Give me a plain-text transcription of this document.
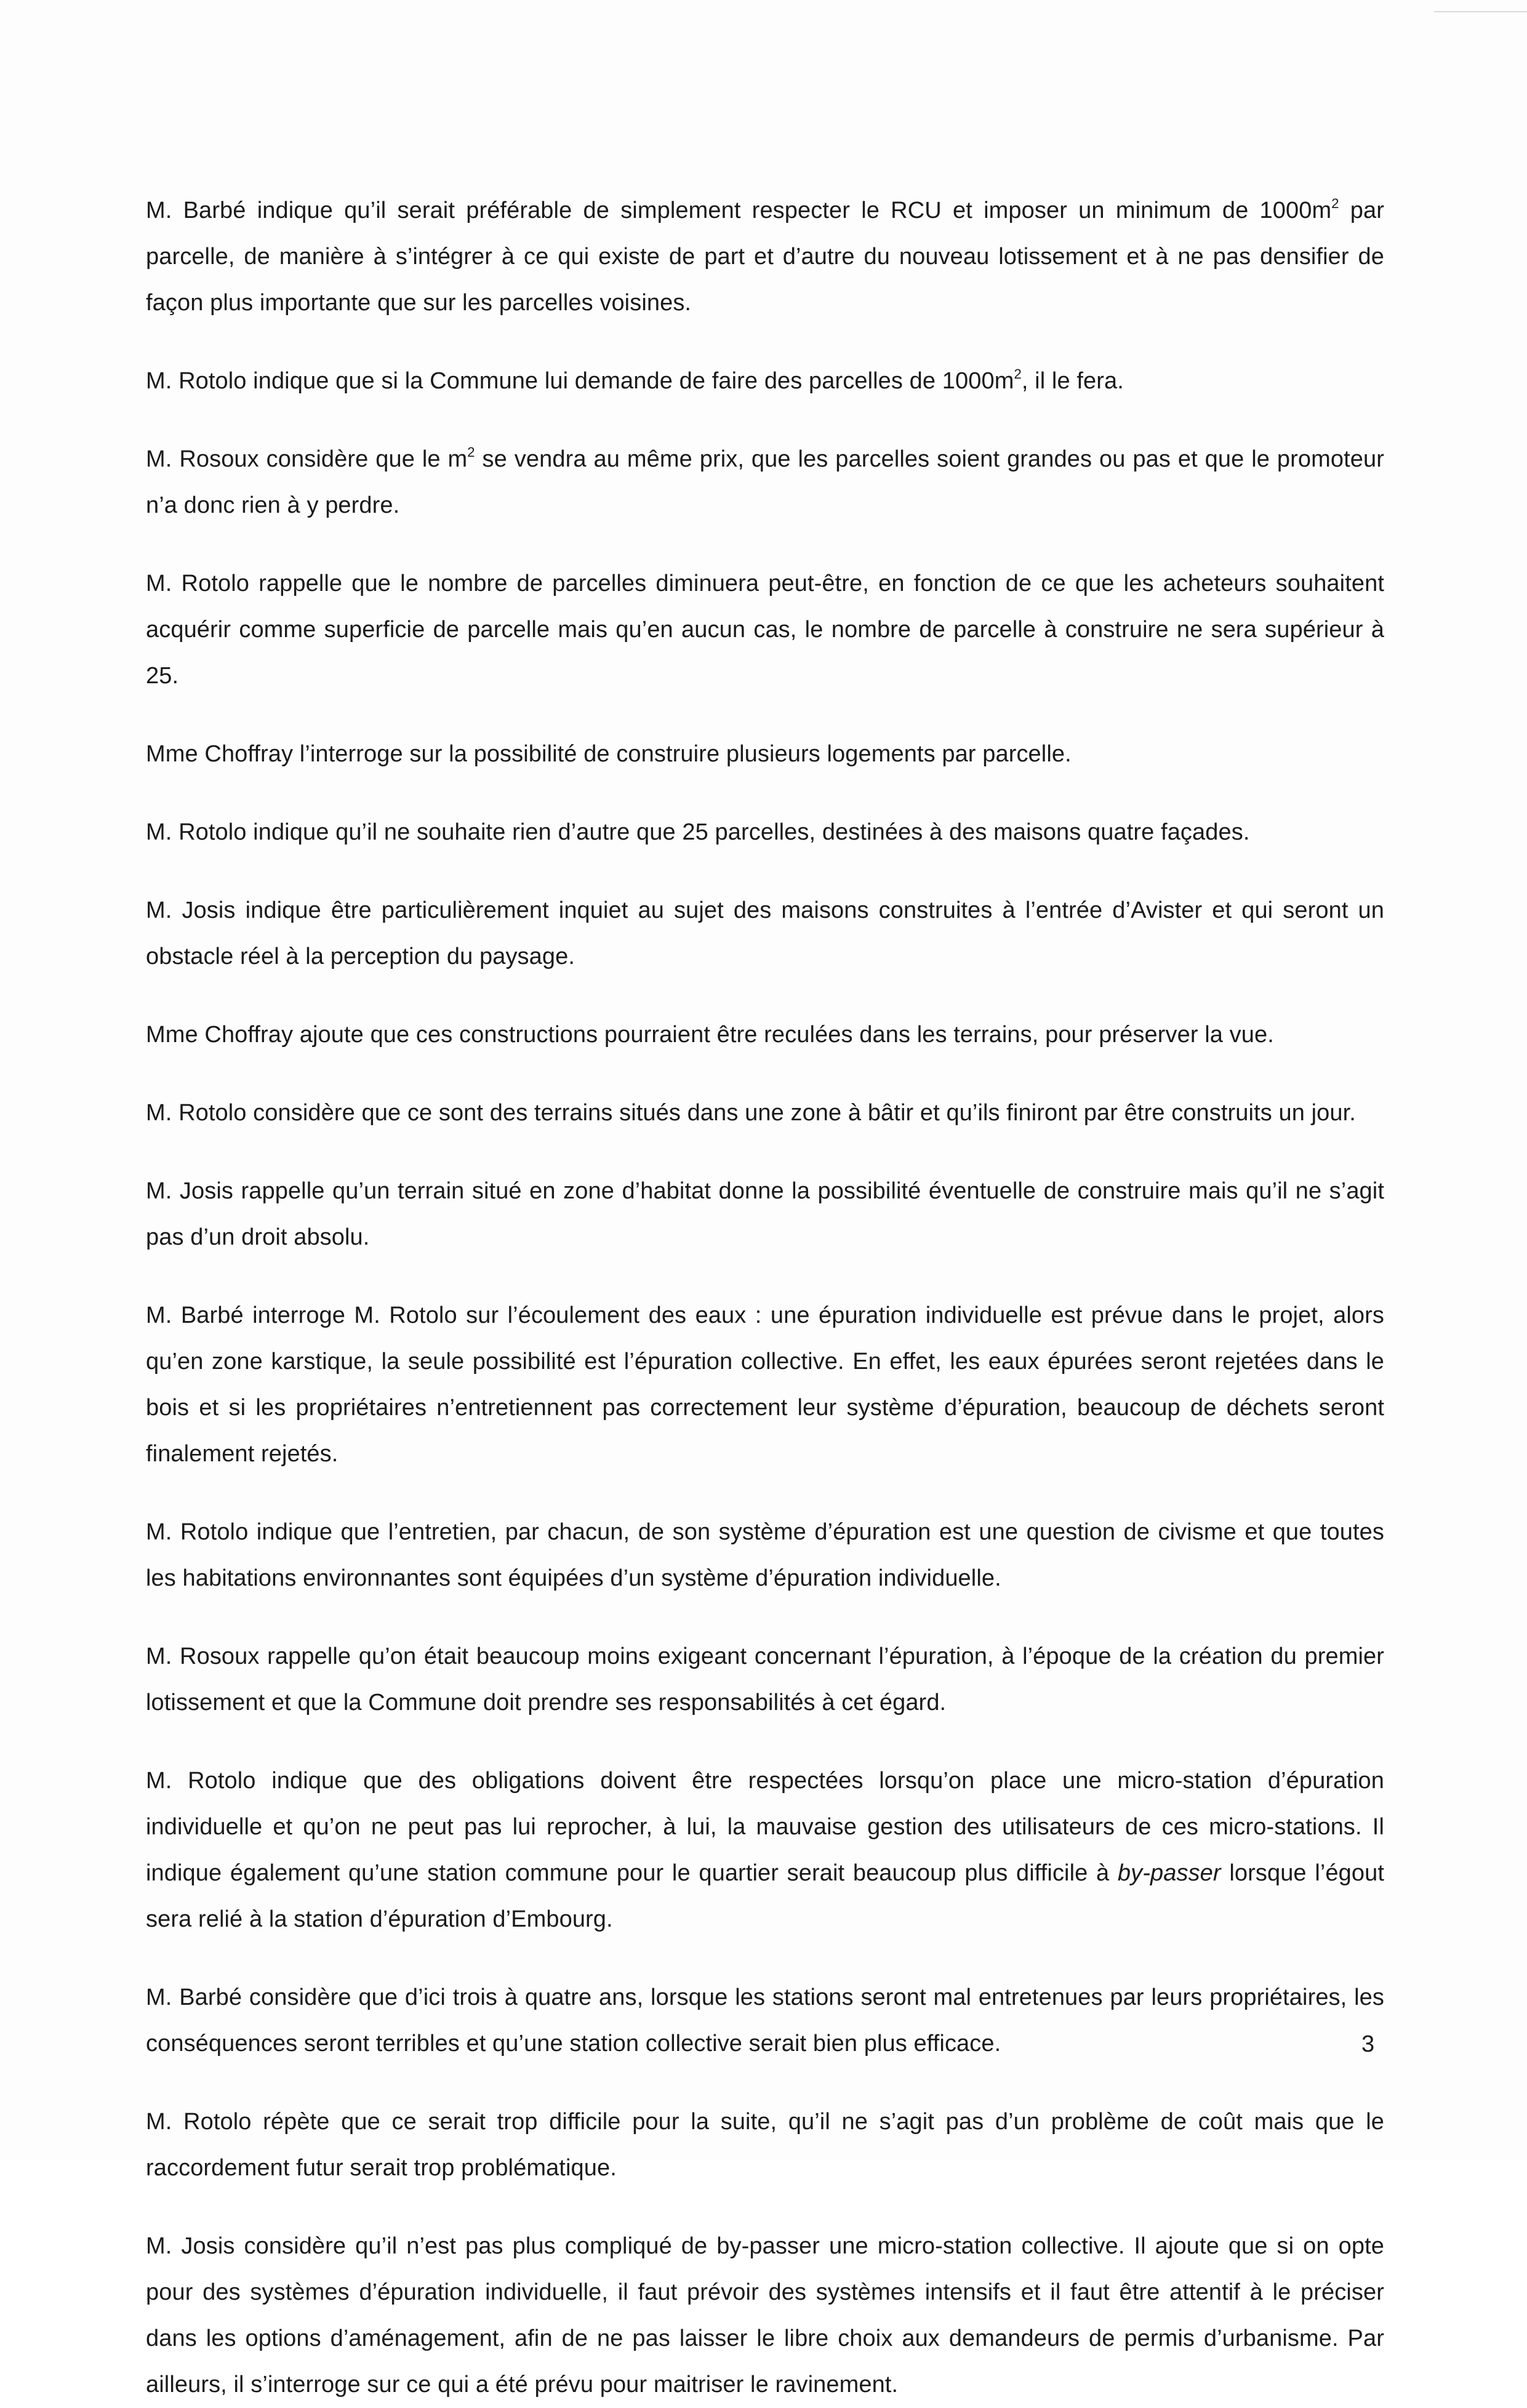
M. Barbé indique qu’il serait préférable de simplement respecter le RCU et imposer un minimum de $1000m^2$ par parcelle, de manière à s’intégrer à ce qui existe de part et d’autre du nouveau lotissement et à ne pas densifier de façon plus importante que sur les parcelles voisines.

M. Rotolo indique que si la Commune lui demande de faire des parcelles de $1000m^2$, il le fera.

M. Rosoux considère que le $m^2$ se vendra au même prix, que les parcelles soient grandes ou pas et que le promoteur n’a donc rien à y perdre.

M. Rotolo rappelle que le nombre de parcelles diminuera peut-être, en fonction de ce que les acheteurs souhaitent acquérir comme superficie de parcelle mais qu’en aucun cas, le nombre de parcelle à construire ne sera supérieur à 25.

Mme Choffray l’interroge sur la possibilité de construire plusieurs logements par parcelle.

M. Rotolo indique qu’il ne souhaite rien d’autre que 25 parcelles, destinées à des maisons quatre façades.

M. Josis indique être particulièrement inquiet au sujet des maisons construites à l’entrée d’Avister et qui seront un obstacle réel à la perception du paysage.

Mme Choffray ajoute que ces constructions pourraient être reculées dans les terrains, pour préserver la vue.

M. Rotolo considère que ce sont des terrains situés dans une zone à bâtir et qu’ils finiront par être construits un jour.

M. Josis rappelle qu’un terrain situé en zone d’habitat donne la possibilité éventuelle de construire mais qu’il ne s’agit pas d’un droit absolu.

M. Barbé interroge M. Rotolo sur l’écoulement des eaux : une épuration individuelle est prévue dans le projet, alors qu’en zone karstique, la seule possibilité est l’épuration collective. En effet, les eaux épurées seront rejetées dans le bois et si les propriétaires n’entretiennent pas correctement leur système d’épuration, beaucoup de déchets seront finalement rejetés.

M. Rotolo indique que l’entretien, par chacun, de son système d’épuration est une question de civisme et que toutes les habitations environnantes sont équipées d’un système d’épuration individuelle.

M. Rosoux rappelle qu’on était beaucoup moins exigeant concernant l’épuration, à l’époque de la création du premier lotissement et que la Commune doit prendre ses responsabilités à cet égard.

M. Rotolo indique que des obligations doivent être respectées lorsqu’on place une micro-station d’épuration individuelle et qu’on ne peut pas lui reprocher, à lui, la mauvaise gestion des utilisateurs de ces micro-stations. Il indique également qu’une station commune pour le quartier serait beaucoup plus difficile à by-passer lorsque l’égout sera relié à la station d’épuration d’Embourg.

M. Barbé considère que d’ici trois à quatre ans, lorsque les stations seront mal entretenues par leurs propriétaires, les conséquences seront terribles et qu’une station collective serait bien plus efficace.

M. Rotolo répète que ce serait trop difficile pour la suite, qu’il ne s’agit pas d’un problème de coût mais que le raccordement futur serait trop problématique.

M. Josis considère qu’il n’est pas plus compliqué de by-passer une micro-station collective. Il ajoute que si on opte pour des systèmes d’épuration individuelle, il faut prévoir des systèmes intensifs et il faut être attentif à le préciser dans les options d’aménagement, afin de ne pas laisser le libre choix aux demandeurs de permis d’urbanisme. Par ailleurs, il s’interroge sur ce qui a été prévu pour maitriser le ravinement.

3
